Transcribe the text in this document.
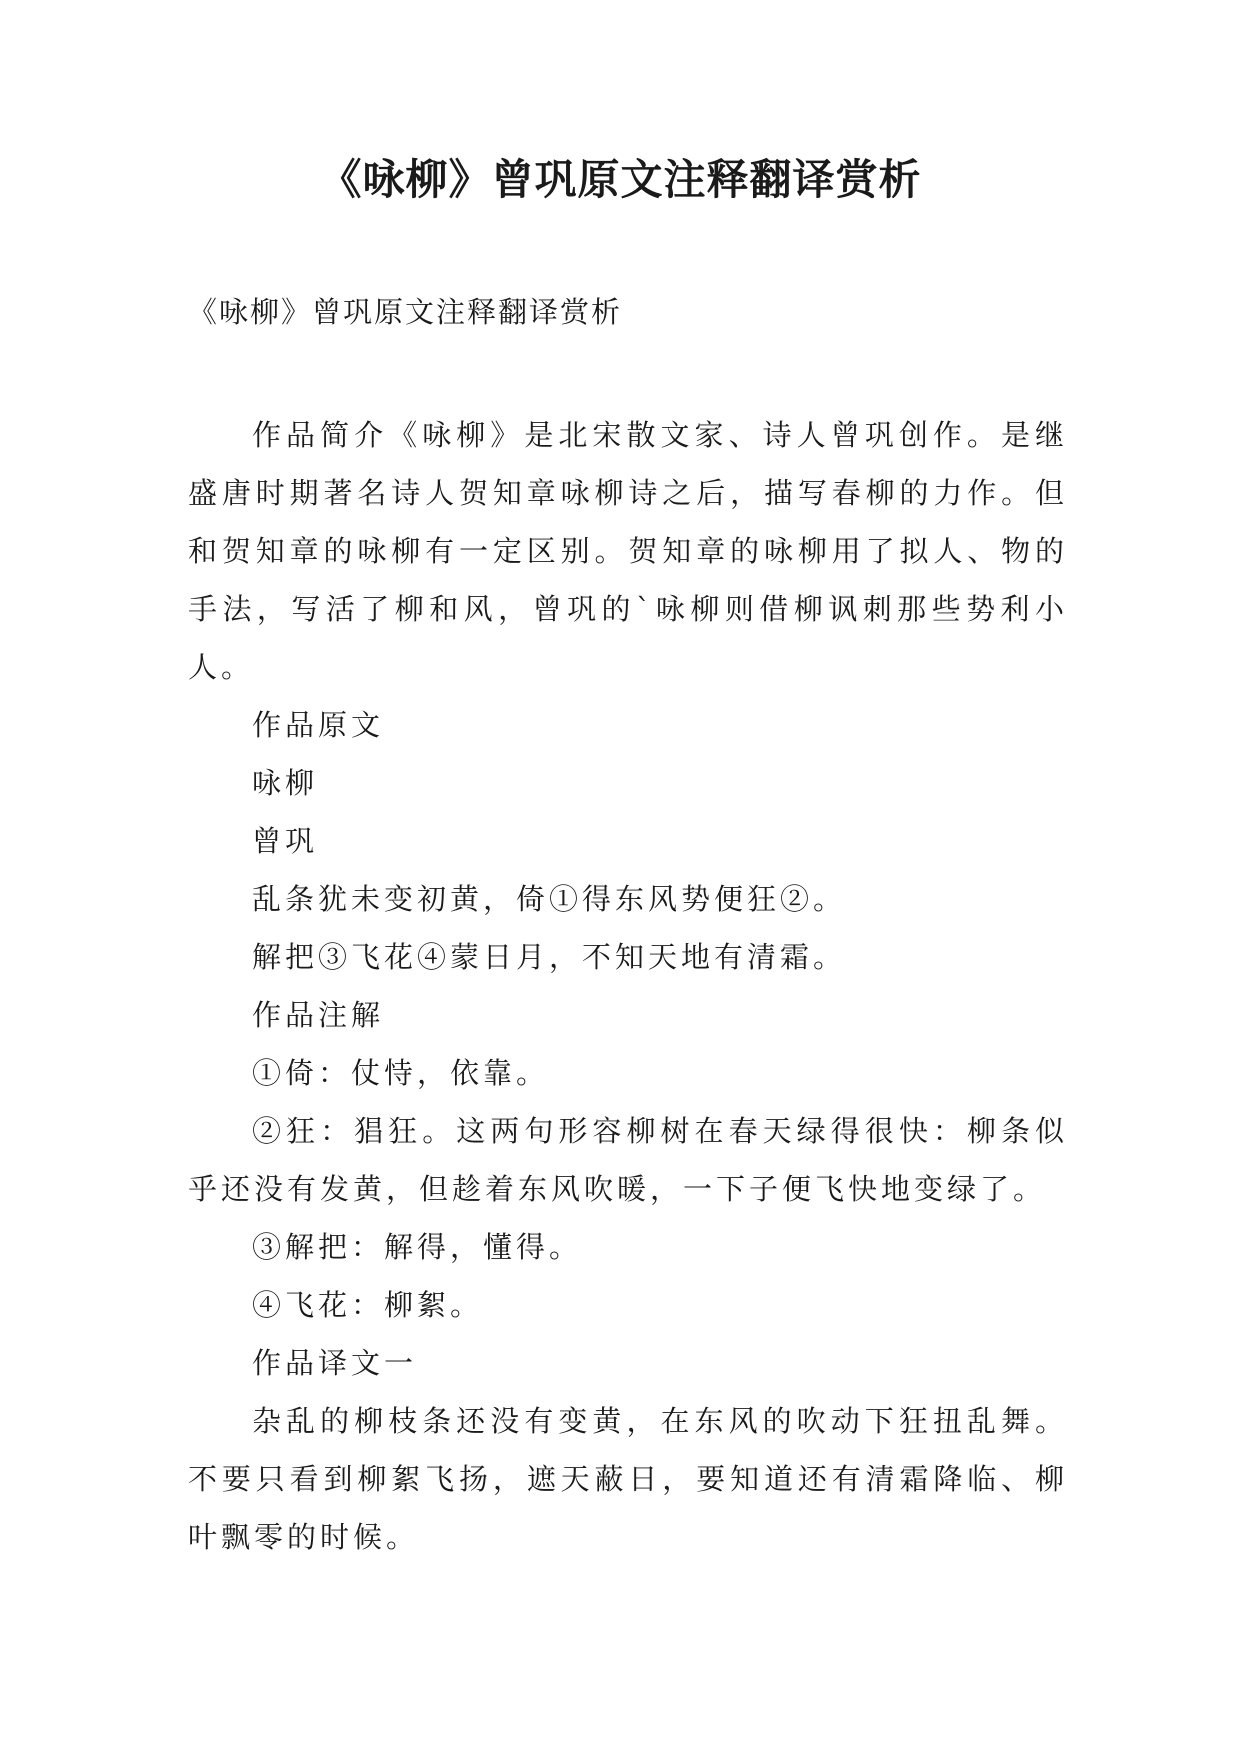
《咏柳》曾巩原文注释翻译赏析

《咏柳》曾巩原文注释翻译赏析

作品简介《咏柳》是北宋散文家、诗人曾巩创作。是继盛唐时期著名诗人贺知章咏柳诗之后，描写春柳的力作。但和贺知章的咏柳有一定区别。贺知章的咏柳用了拟人、物的手法，写活了柳和风，曾巩的`咏柳则借柳讽刺那些势利小人。

作品原文

咏柳

曾巩

乱条犹未变初黄，倚①得东风势便狂②。

解把③飞花④蒙日月，不知天地有清霜。

作品注解

①倚：仗恃，依靠。

②狂：猖狂。这两句形容柳树在春天绿得很快：柳条似乎还没有发黄，但趁着东风吹暖，一下子便飞快地变绿了。

③解把：解得，懂得。

④飞花：柳絮。

作品译文一

杂乱的柳枝条还没有变黄，在东风的吹动下狂扭乱舞。不要只看到柳絮飞扬，遮天蔽日，要知道还有清霜降临、柳叶飘零的时候。
